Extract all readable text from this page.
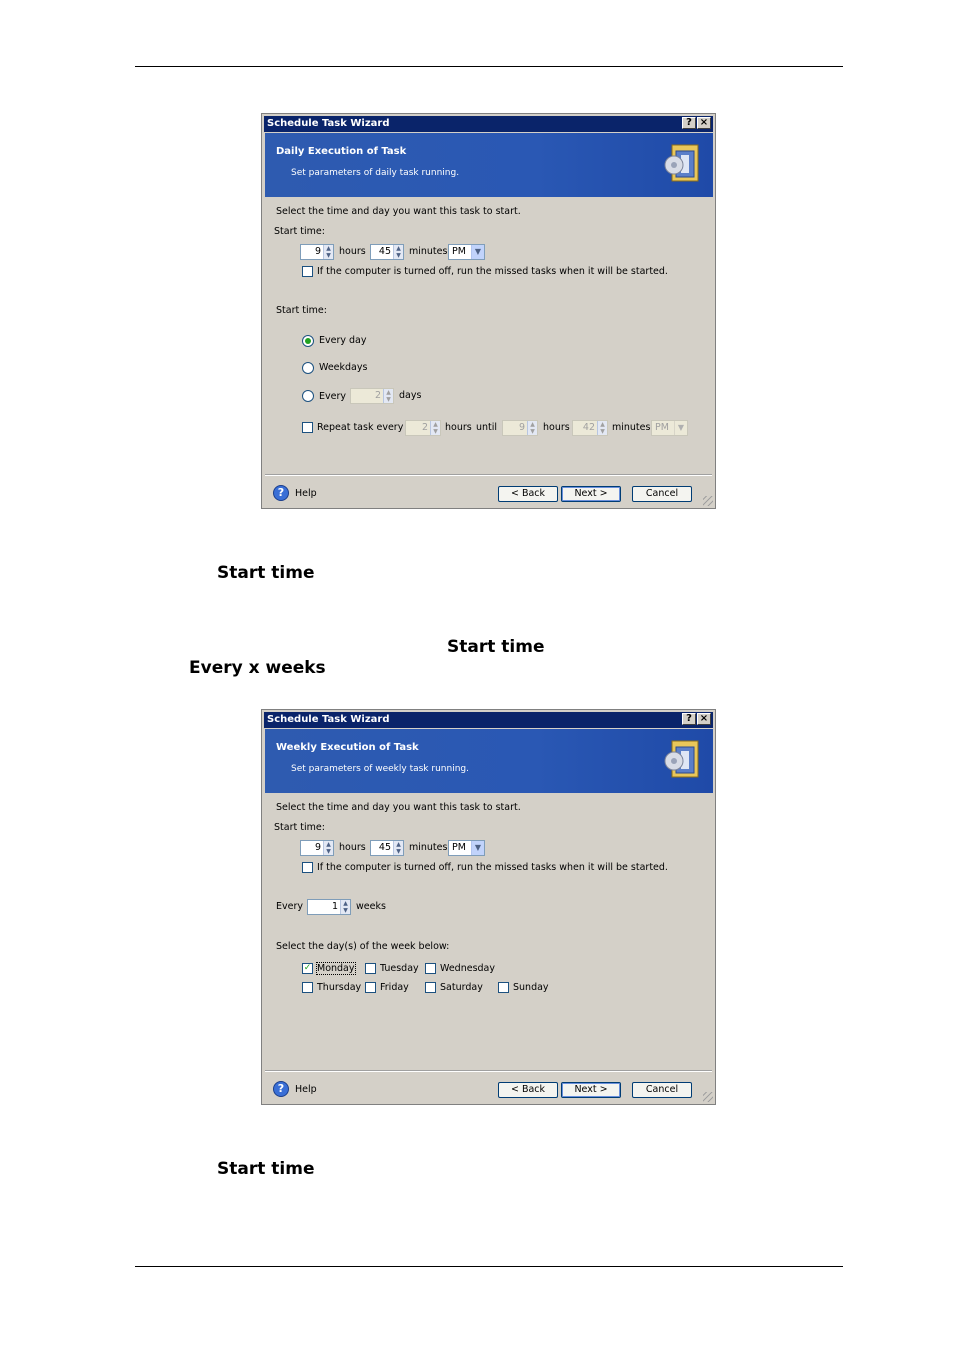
Schedule Task Wizard	? ×
Daily Execution of Task
Set parameters of daily task running.
Select the time and day you want this task to start.
Start time:
9 ▲
▼ hours 45 ▲
▼ minutes PM	▼
If the computer is turned off, run the missed tasks when it will be started.
Start time:
Every day
Weekdays
Every	2 ▲
▼ days
Repeat task every 2 ▲
▼ hours until 9 ▲
▼ hours 42 ▲
▼ minutes PM	▼
?	Help	< Back	Next >	Cancel
Start time
Start time
Every x weeks
Schedule Task Wizard	? ×
Weekly Execution of Task
Set parameters of weekly task running.
Select the time and day you want this task to start.
Start time:
9 ▲
▼ hours 45 ▲
▼ minutes PM	▼
If the computer is turned off, run the missed tasks when it will be started.
Every	1 ▲
▼ weeks
Select the day(s) of the week below:
✓ Monday	Tuesday Wednesday
Thursday Friday	Saturday	Sunday
?	Help	< Back	Next >	Cancel
Start time
